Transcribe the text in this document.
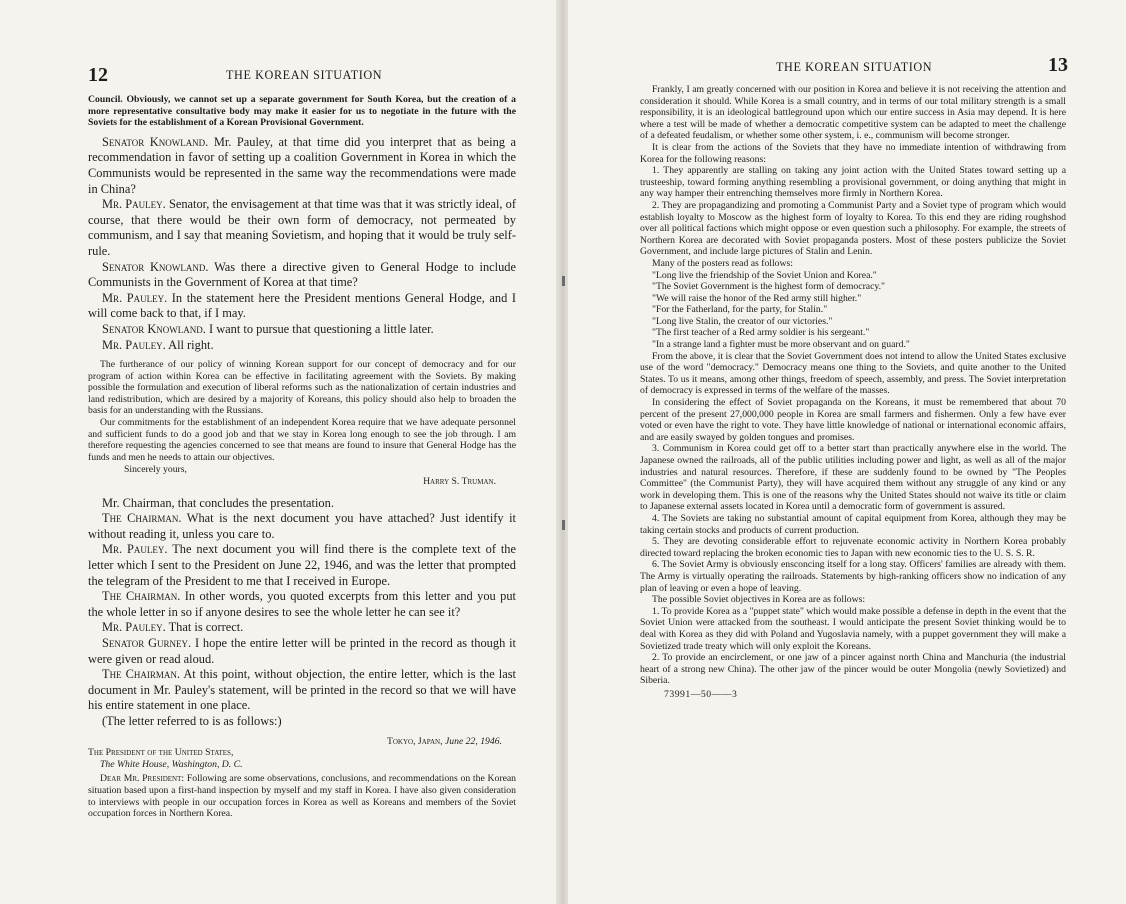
12	THE KOREAN SITUATION

Council. Obviously, we cannot set up a separate government for South Korea, but the creation of a more representative consultative body may make it easier for us to negotiate in the future with the Soviets for the establishment of a Korean Provisional Government.

Senator Knowland. Mr. Pauley, at that time did you interpret that as being a recommendation in favor of setting up a coalition Government in Korea in which the Communists would be represented in the same way the recommendations were made in China?

Mr. Pauley. Senator, the envisagement at that time was that it was strictly ideal, of course, that there would be their own form of democracy, not permeated by communism, and I say that meaning Sovietism, and hoping that it would be truly self-rule.

Senator Knowland. Was there a directive given to General Hodge to include Communists in the Government of Korea at that time?

Mr. Pauley. In the statement here the President mentions General Hodge, and I will come back to that, if I may.

Senator Knowland. I want to pursue that questioning a little later.

Mr. Pauley. All right.

The furtherance of our policy of winning Korean support for our concept of democracy and for our program of action within Korea can be effective in facilitating agreement with the Soviets. By making possible the formulation and execution of liberal reforms such as the nationalization of certain industries and land redistribution, which are desired by a majority of Koreans, this policy should also help to broaden the basis for an understanding with the Russians.

Our commitments for the establishment of an independent Korea require that we have adequate personnel and sufficient funds to do a good job and that we stay in Korea long enough to see the job through. I am therefore requesting the agencies concerned to see that means are found to insure that General Hodge has the funds and men he needs to attain our objectives.

Sincerely yours,

Harry S. Truman.

Mr. Chairman, that concludes the presentation.

The Chairman. What is the next document you have attached? Just identify it without reading it, unless you care to.

Mr. Pauley. The next document you will find there is the complete text of the letter which I sent to the President on June 22, 1946, and was the letter that prompted the telegram of the President to me that I received in Europe.

The Chairman. In other words, you quoted excerpts from this letter and you put the whole letter in so if anyone desires to see the whole letter he can see it?

Mr. Pauley. That is correct.

Senator Gurney. I hope the entire letter will be printed in the record as though it were given or read aloud.

The Chairman. At this point, without objection, the entire letter, which is the last document in Mr. Pauley's statement, will be printed in the record so that we will have his entire statement in one place.

(The letter referred to is as follows:)

Tokyo, Japan, June 22, 1946.

The President of the United States,

The White House, Washington, D. C.

Dear Mr. President: Following are some observations, conclusions, and recommendations on the Korean situation based upon a first-hand inspection by myself and my staff in Korea. I have also given consideration to interviews with people in our occupation forces in Korea as well as Koreans and members of the Soviet occupation forces in Northern Korea.

THE KOREAN SITUATION	13

Frankly, I am greatly concerned with our position in Korea and believe it is not receiving the attention and consideration it should. While Korea is a small country, and in terms of our total military strength is a small responsibility, it is an ideological battleground upon which our entire success in Asia may depend. It is here where a test will be made of whether a democratic competitive system can be adapted to meet the challenge of a defeated feudalism, or whether some other system, i. e., communism will become stronger.

It is clear from the actions of the Soviets that they have no immediate intention of withdrawing from Korea for the following reasons:

1. They apparently are stalling on taking any joint action with the United States toward setting up a trusteeship, toward forming anything resembling a provisional government, or doing anything that might in any way hamper their entrenching themselves more firmly in Northern Korea.

2. They are propagandizing and promoting a Communist Party and a Soviet type of program which would establish loyalty to Moscow as the highest form of loyalty to Korea. To this end they are riding roughshod over all political factions which might oppose or even question such a philosophy. For example, the streets of Northern Korea are decorated with Soviet propaganda posters. Most of these posters publicize the Soviet Government, and include large pictures of Stalin and Lenin.

Many of the posters read as follows:

"Long live the friendship of the Soviet Union and Korea."

"The Soviet Government is the highest form of democracy."

"We will raise the honor of the Red army still higher."

"For the Fatherland, for the party, for Stalin."

"Long live Stalin, the creator of our victories."

"The first teacher of a Red army soldier is his sergeant."

"In a strange land a fighter must be more observant and on guard."

From the above, it is clear that the Soviet Government does not intend to allow the United States exclusive use of the word "democracy." Democracy means one thing to the Soviets, and quite another to the United States. To us it means, among other things, freedom of speech, assembly, and press. The Soviet interpretation of democracy is expressed in terms of the welfare of the masses.

In considering the effect of Soviet propaganda on the Koreans, it must be remembered that about 70 percent of the present 27,000,000 people in Korea are small farmers and fishermen. Only a few have ever voted or even have the right to vote. They have little knowledge of national or international economic affairs, and are easily swayed by golden tongues and promises.

3. Communism in Korea could get off to a better start than practically anywhere else in the world. The Japanese owned the railroads, all of the public utilities including power and light, as well as all of the major industries and natural resources. Therefore, if these are suddenly found to be owned by "The Peoples Committee" (the Communist Party), they will have acquired them without any struggle of any kind or any work in developing them. This is one of the reasons why the United States should not waive its title or claim to Japanese external assets located in Korea until a democratic form of government is assured.

4. The Soviets are taking no substantial amount of capital equipment from Korea, although they may be taking certain stocks and products of current production.

5. They are devoting considerable effort to rejuvenate economic activity in Northern Korea probably directed toward replacing the broken economic ties to Japan with new economic ties to the U. S. S. R.

6. The Soviet Army is obviously ensconcing itself for a long stay. Officers' families are already with them. The Army is virtually operating the railroads. Statements by high-ranking officers show no indication of any plan of leaving or even a hope of leaving.

The possible Soviet objectives in Korea are as follows:

1. To provide Korea as a "puppet state" which would make possible a defense in depth in the event that the Soviet Union were attacked from the southeast. I would anticipate the present Soviet thinking would be to deal with Korea as they did with Poland and Yugoslavia namely, with a puppet government they will make a Sovietized trade treaty which will only exploit the Koreans.

2. To provide an encirclement, or one jaw of a pincer against north China and Manchuria (the industrial heart of a strong new China). The other jaw of the pincer would be outer Mongolia (newly Sovietized) and Siberia.

73991—50——3
